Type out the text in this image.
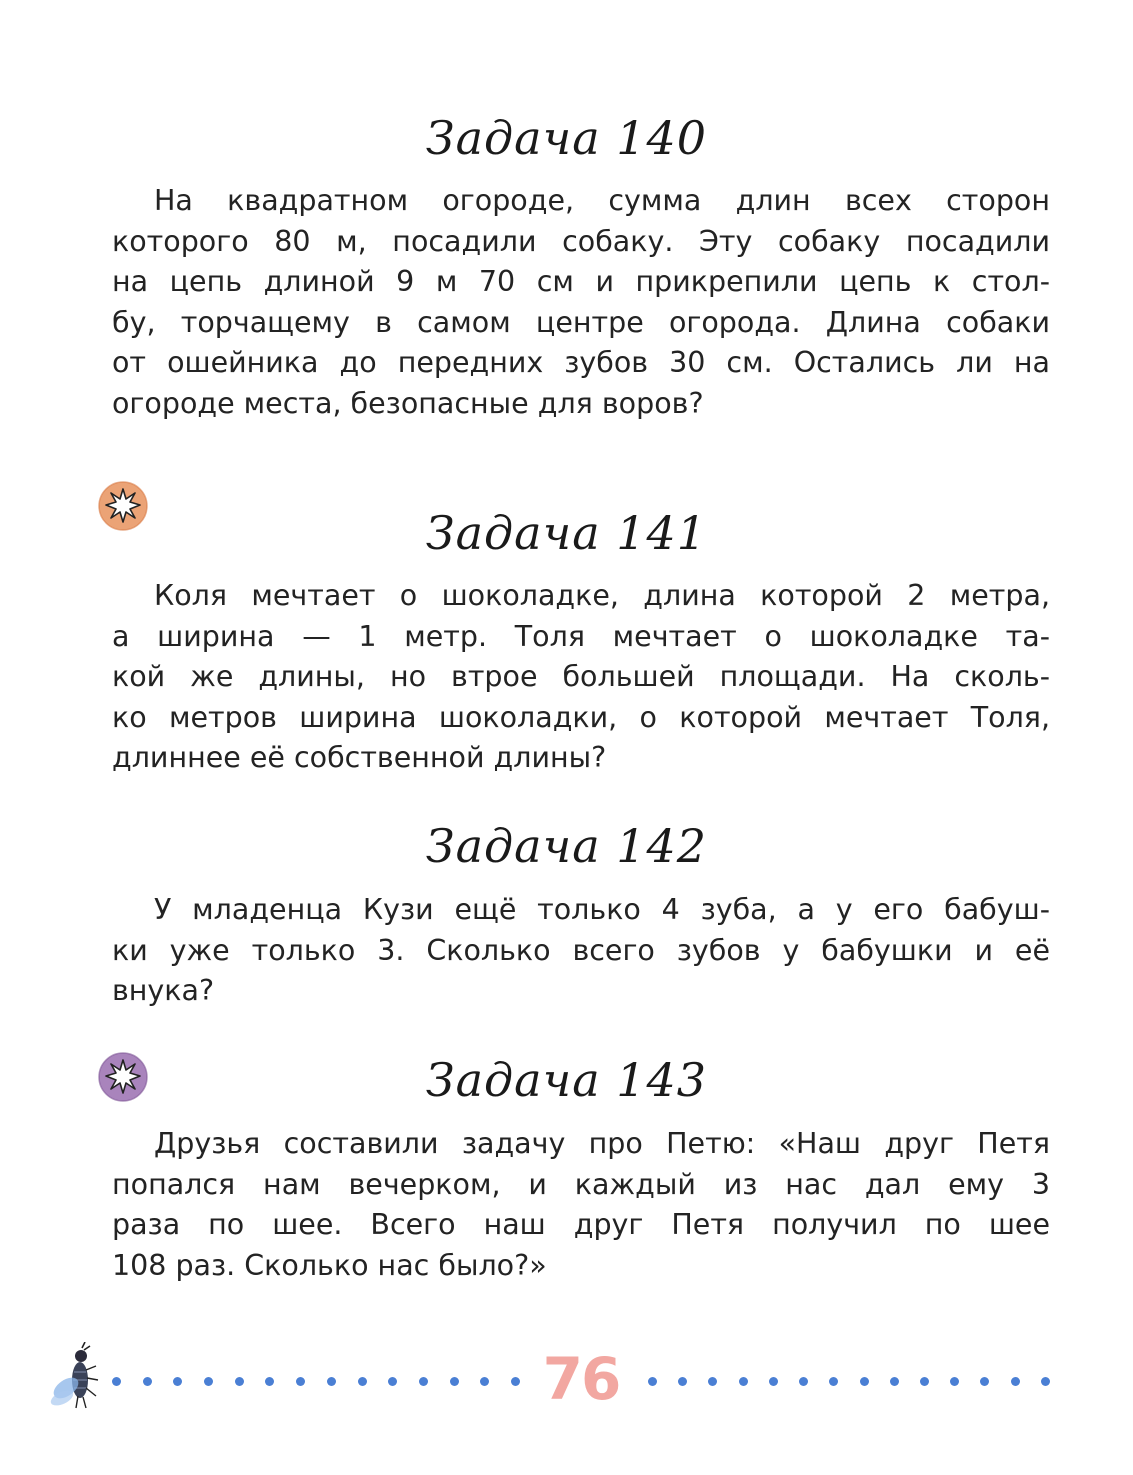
Задача 140
На квадратном огороде, сумма длин всех сторон
которого 80 м, посадили собаку. Эту собаку посадили
на цепь длиной 9 м 70 см и прикрепили цепь к стол-
бу, торчащему в самом центре огорода. Длина собаки
от ошейника до передних зубов 30 см. Остались ли на
огороде места, безопасные для воров?
Задача 141
Коля мечтает о шоколадке, длина которой 2 метра,
а ширина — 1 метр. Толя мечтает о шоколадке та-
кой же длины, но втрое большей площади. На сколь-
ко метров ширина шоколадки, о которой мечтает Толя,
длиннее её собственной длины?
Задача 142
У младенца Кузи ещё только 4 зуба, а у его бабуш-
ки уже только 3. Сколько всего зубов у бабушки и её
внука?
Задача 143
Друзья составили задачу про Петю: «Наш друг Петя
попался нам вечерком, и каждый из нас дал ему 3
раза по шее. Всего наш друг Петя получил по шее
108 раз. Сколько нас было?»
76
